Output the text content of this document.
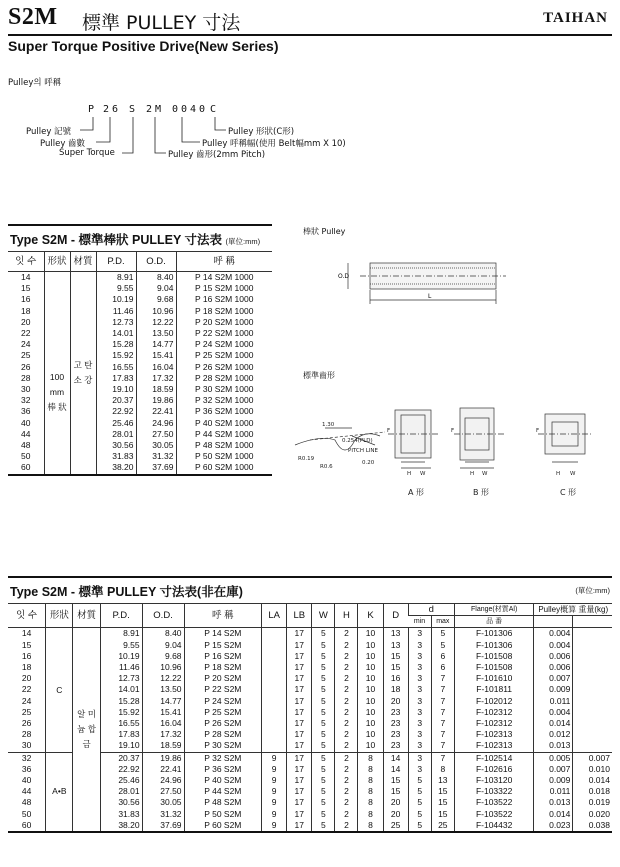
S2M 標準 PULLEY 寸法	TAIHAN
Super Torque Positive Drive(New Series)
Pulley의 呼稱
P 26 S 2M 0040 C
Pulley 記號
Pulley 齒數
Super Torque
Pulley 形狀(C形)
Pulley 呼稱幅(使用 Belt幅mm X 10)
Pulley 齒形(2mm Pitch)
Type S2M - 標準棒狀 PULLEY 寸法表 (單位:mm)
잇 수	形狀	材質	P.D.	O.D.	呼 稱
14	100 mm 棒 狀	고 탄 소 강	8.91	8.40	P 14 S2M 1000
15			9.55	9.04	P 15 S2M 1000
16			10.19	9.68	P 16 S2M 1000
18			11.46	10.96	P 18 S2M 1000
20			12.73	12.22	P 20 S2M 1000
22			14.01	13.50	P 22 S2M 1000
24			15.28	14.77	P 24 S2M 1000
25			15.92	15.41	P 25 S2M 1000
26			16.55	16.04	P 26 S2M 1000
28			17.83	17.32	P 28 S2M 1000
30			19.10	18.59	P 30 S2M 1000
32			20.37	19.86	P 32 S2M 1000
36			22.92	22.41	P 36 S2M 1000
40			25.46	24.96	P 40 S2M 1000
44			28.01	27.50	P 44 S2M 1000
48			30.56	30.05	P 48 S2M 1000
50			31.83	31.32	P 50 S2M 1000
60			38.20	37.69	P 60 S2M 1000
棒狀 Pulley
O.D
L
標準齒形
1.30
0.254(PLD)
PITCH LINE
R0.19
R0.6
0.20
F	F	F
H W	H W	H W
A 形	B 形	C 形
Type S2M - 標準 PULLEY 寸法表(非在庫)	(單位:mm)
잇 수	形狀	材質	P.D.	O.D.	呼 稱	LA	LB	W	H	K	D	d		Flange(材質Al)	Pulley概算 重量(kg)	
												min	max	品 番		
14	C	알 미 늄 합 금	8.91	8.40	P 14 S2M		17	5	2	10	13	3	5	F-101306	0.004	
15			9.55	9.04	P 15 S2M		17	5	2	10	13	3	5	F-101306	0.004	
16			10.19	9.68	P 16 S2M		17	5	2	10	15	3	6	F-101508	0.006	
18			11.46	10.96	P 18 S2M		17	5	2	10	15	3	6	F-101508	0.006	
20			12.73	12.22	P 20 S2M		17	5	2	10	16	3	7	F-101610	0.007	
22			14.01	13.50	P 22 S2M		17	5	2	10	18	3	7	F-101811	0.009	
24			15.28	14.77	P 24 S2M		17	5	2	10	20	3	7	F-102012	0.011	
25			15.92	15.41	P 25 S2M		17	5	2	10	23	3	7	F-102312	0.004	
26			16.55	16.04	P 26 S2M		17	5	2	10	23	3	7	F-102312	0.014	
28			17.83	17.32	P 28 S2M		17	5	2	10	23	3	7	F-102313	0.012	
30			19.10	18.59	P 30 S2M		17	5	2	10	23	3	7	F-102313	0.013	
32	A•B		20.37	19.86	P 32 S2M	9	17	5	2	8	14	3	7	F-102514	0.005	0.007
36			22.92	22.41	P 36 S2M	9	17	5	2	8	14	3	8	F-102616	0.007	0.010
40			25.46	24.96	P 40 S2M	9	17	5	2	8	15	5	13	F-103120	0.009	0.014
44			28.01	27.50	P 44 S2M	9	17	5	2	8	15	5	15	F-103322	0.011	0.018
48			30.56	30.05	P 48 S2M	9	17	5	2	8	20	5	15	F-103522	0.013	0.019
50			31.83	31.32	P 50 S2M	9	17	5	2	8	20	5	15	F-103522	0.014	0.020
60			38.20	37.69	P 60 S2M	9	17	5	2	8	25	5	25	F-104432	0.023	0.038
